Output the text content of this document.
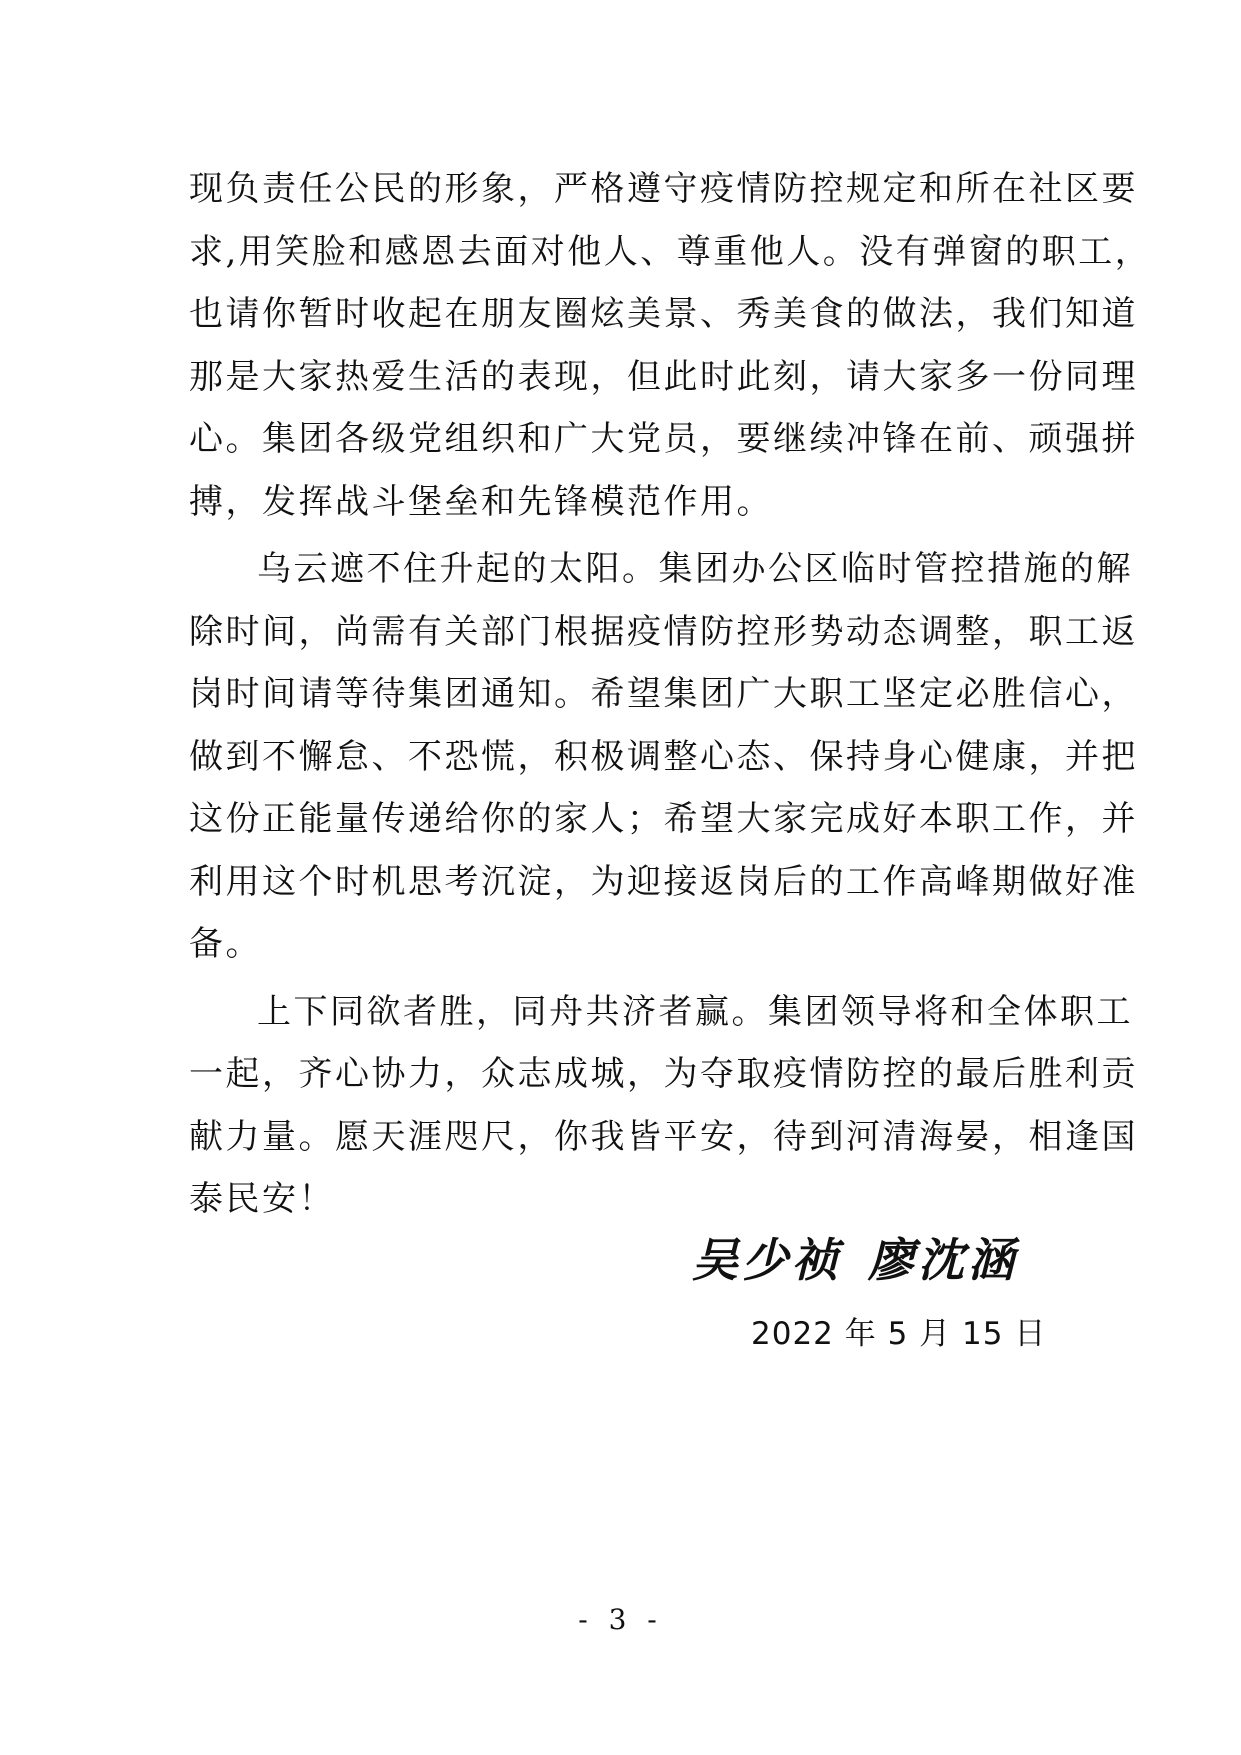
现负责任公民的形象，严格遵守疫情防控规定和所在社区要
求,用笑脸和感恩去面对他人、尊重他人。没有弹窗的职工，
也请你暂时收起在朋友圈炫美景、秀美食的做法，我们知道
那是大家热爱生活的表现，但此时此刻，请大家多一份同理
心。集团各级党组织和广大党员，要继续冲锋在前、顽强拼
搏，发挥战斗堡垒和先锋模范作用。
乌云遮不住升起的太阳。集团办公区临时管控措施的解
除时间，尚需有关部门根据疫情防控形势动态调整，职工返
岗时间请等待集团通知。希望集团广大职工坚定必胜信心，
做到不懈怠、不恐慌，积极调整心态、保持身心健康，并把
这份正能量传递给你的家人；希望大家完成好本职工作，并
利用这个时机思考沉淀，为迎接返岗后的工作高峰期做好准
备。
上下同欲者胜，同舟共济者赢。集团领导将和全体职工
一起，齐心协力，众志成城，为夺取疫情防控的最后胜利贡
献力量。愿天涯咫尺，你我皆平安，待到河清海晏，相逢国
泰民安！
吴少祯 廖沈涵
2022 年 5 月 15 日
- 3 -
